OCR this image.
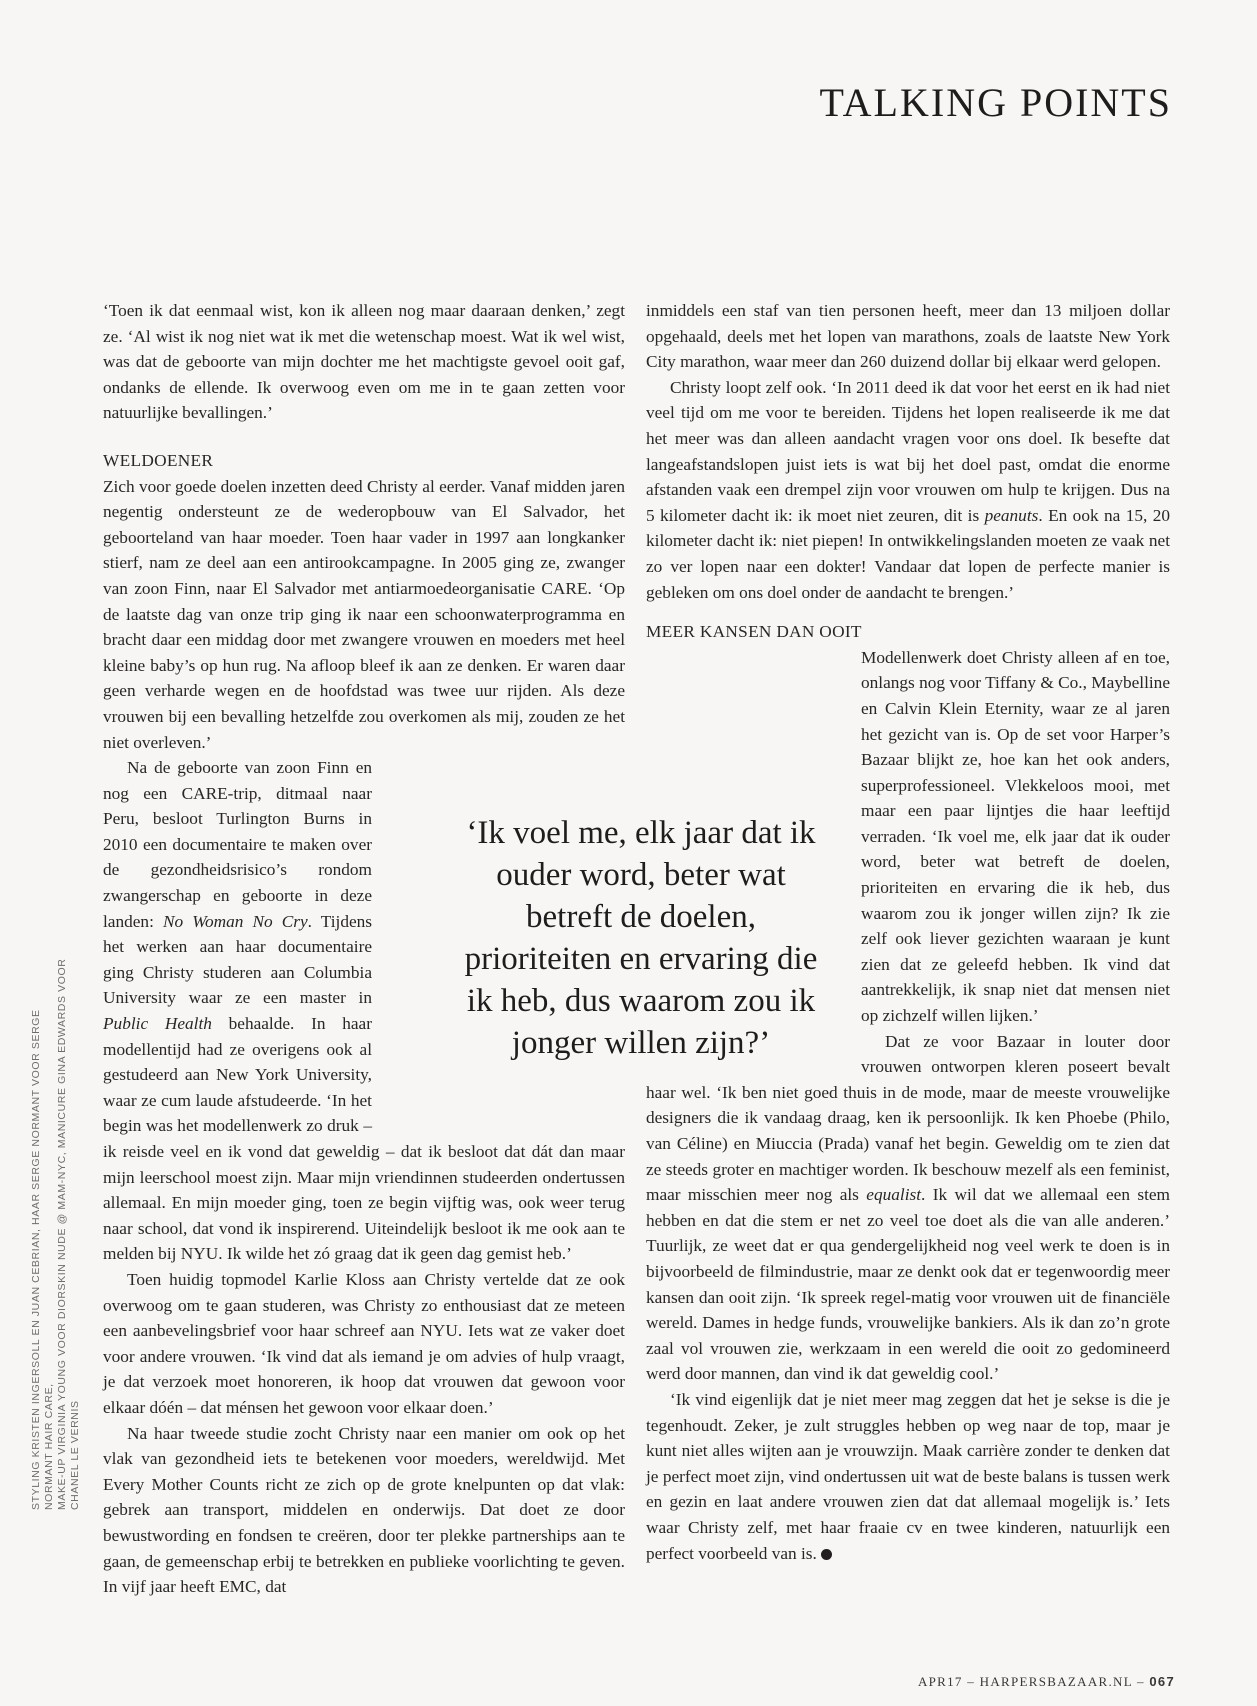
TALKING POINTS
STYLING KRISTEN INGERSOLL EN JUAN CEBRIAN, HAAR SERGE NORMANT VOOR SERGE NORMANT HAIR CARE, MAKE-UP VIRGINIA YOUNG VOOR DIORSKIN NUDE @ MAM-NYC, MANICURE GINA EDWARDS VOOR CHANEL LE VERNIS

‘Toen ik dat eenmaal wist, kon ik alleen nog maar daaraan denken,’ zegt ze. ‘Al wist ik nog niet wat ik met die wetenschap moest. Wat ik wel wist, was dat de geboorte van mijn dochter me het machtigste gevoel ooit gaf, ondanks de ellende. Ik overwoog even om me in te gaan zetten voor natuurlijke bevallingen.’

WELDOENER

Zich voor goede doelen inzetten deed Christy al eerder. Vanaf midden jaren negentig ondersteunt ze de wederopbouw van El Salvador, het geboorteland van haar moeder. Toen haar vader in 1997 aan longkanker stierf, nam ze deel aan een antirookcampagne. In 2005 ging ze, zwanger van zoon Finn, naar El Salvador met antiarmoedeorganisatie CARE. ‘Op de laatste dag van onze trip ging ik naar een schoonwaterprogramma en bracht daar een middag door met zwangere vrouwen en moeders met heel kleine baby’s op hun rug. Na afloop bleef ik aan ze denken. Er waren daar geen verharde wegen en de hoofdstad was twee uur rijden. Als deze vrouwen bij een bevalling hetzelfde zou overkomen als mij, zouden ze het niet overleven.’

Na de geboorte van zoon Finn en nog een CARE-trip, ditmaal naar Peru, besloot Turlington Burns in 2010 een documentaire te maken over de gezondheidsrisico’s rondom zwangerschap en geboorte in deze landen: No Woman No Cry. Tijdens het werken aan haar documentaire ging Christy studeren aan Columbia University waar ze een master in Public Health behaalde. In haar modellentijd had ze overigens ook al gestudeerd aan New York University, waar ze cum laude afstudeerde. ‘In het begin was het modellenwerk zo druk – ik reisde veel en ik vond dat geweldig – dat ik besloot dat dát dan maar mijn leerschool moest zijn. Maar mijn vriendinnen studeerden ondertussen allemaal. En mijn moeder ging, toen ze begin vijftig was, ook weer terug naar school, dat vond ik inspirerend. Uiteindelijk besloot ik me ook aan te melden bij NYU. Ik wilde het zó graag dat ik geen dag gemist heb.’

Toen huidig topmodel Karlie Kloss aan Christy vertelde dat ze ook overwoog om te gaan studeren, was Christy zo enthousiast dat ze meteen een aanbevelingsbrief voor haar schreef aan NYU. Iets wat ze vaker doet voor andere vrouwen. ‘Ik vind dat als iemand je om advies of hulp vraagt, je dat verzoek moet honoreren, ik hoop dat vrouwen dat gewoon voor elkaar dóén – dat ménsen het gewoon voor elkaar doen.’

Na haar tweede studie zocht Christy naar een manier om ook op het vlak van gezondheid iets te betekenen voor moeders, wereldwijd. Met Every Mother Counts richt ze zich op de grote knelpunten op dat vlak: gebrek aan transport, middelen en onderwijs. Dat doet ze door bewustwording en fondsen te creëren, door ter plekke partnerships aan te gaan, de gemeenschap erbij te betrekken en publieke voorlichting te geven. In vijf jaar heeft EMC, dat

inmiddels een staf van tien personen heeft, meer dan 13 miljoen dollar opgehaald, deels met het lopen van marathons, zoals de laatste New York City marathon, waar meer dan 260 duizend dollar bij elkaar werd gelopen.

Christy loopt zelf ook. ‘In 2011 deed ik dat voor het eerst en ik had niet veel tijd om me voor te bereiden. Tijdens het lopen realiseerde ik me dat het meer was dan alleen aandacht vragen voor ons doel. Ik besefte dat langeafstandslopen juist iets is wat bij het doel past, omdat die enorme afstanden vaak een drempel zijn voor vrouwen om hulp te krijgen. Dus na 5 kilometer dacht ik: ik moet niet zeuren, dit is peanuts. En ook na 15, 20 kilometer dacht ik: niet piepen! In ontwikkelingslanden moeten ze vaak net zo ver lopen naar een dokter! Vandaar dat lopen de perfecte manier is gebleken om ons doel onder de aandacht te brengen.’

MEER KANSEN DAN OOIT

Modellenwerk doet Christy alleen af en toe, onlangs nog voor Tiffany & Co., Maybelline en Calvin Klein Eternity, waar ze al jaren het gezicht van is. Op de set voor Harper’s Bazaar blijkt ze, hoe kan het ook anders, superprofessioneel. Vlekkeloos mooi, met maar een paar lijntjes die haar leeftijd verraden. ‘Ik voel me, elk jaar dat ik ouder word, beter wat betreft de doelen, prioriteiten en ervaring die ik heb, dus waarom zou ik jonger willen zijn? Ik zie zelf ook liever gezichten waaraan je kunt zien dat ze geleefd hebben. Ik vind dat aantrekkelijk, ik snap niet dat mensen niet op zichzelf willen lijken.’

Dat ze voor Bazaar in louter door vrouwen ontworpen kleren poseert bevalt haar wel. ‘Ik ben niet goed thuis in de mode, maar de meeste vrouwelijke designers die ik vandaag draag, ken ik persoonlijk. Ik ken Phoebe (Philo, van Céline) en Miuccia (Prada) vanaf het begin. Geweldig om te zien dat ze steeds groter en machtiger worden. Ik beschouw mezelf als een feminist, maar misschien meer nog als equalist. Ik wil dat we allemaal een stem hebben en dat die stem er net zo veel toe doet als die van alle anderen.’ Tuurlijk, ze weet dat er qua gendergelijkheid nog veel werk te doen is in bijvoorbeeld de filmindustrie, maar ze denkt ook dat er tegenwoordig meer kansen dan ooit zijn. ‘Ik spreek regel-matig voor vrouwen uit de financiële wereld. Dames in hedge funds, vrouwelijke bankiers. Als ik dan zo’n grote zaal vol vrouwen zie, werkzaam in een wereld die ooit zo gedomineerd werd door mannen, dan vind ik dat geweldig cool.’

‘Ik vind eigenlijk dat je niet meer mag zeggen dat het je sekse is die je tegenhoudt. Zeker, je zult struggles hebben op weg naar de top, maar je kunt niet alles wijten aan je vrouwzijn. Maak carrière zonder te denken dat je perfect moet zijn, vind ondertussen uit wat de beste balans is tussen werk en gezin en laat andere vrouwen zien dat dat allemaal mogelijk is.’ Iets waar Christy zelf, met haar fraaie cv en twee kinderen, natuurlijk een perfect voorbeeld van is.

‘Ik voel me, elk jaar dat ik ouder word, beter wat betreft de doelen, prioriteiten en ervaring die ik heb, dus waarom zou ik jonger willen zijn?’
APR17 – HARPERSBAZAAR.NL – 067
